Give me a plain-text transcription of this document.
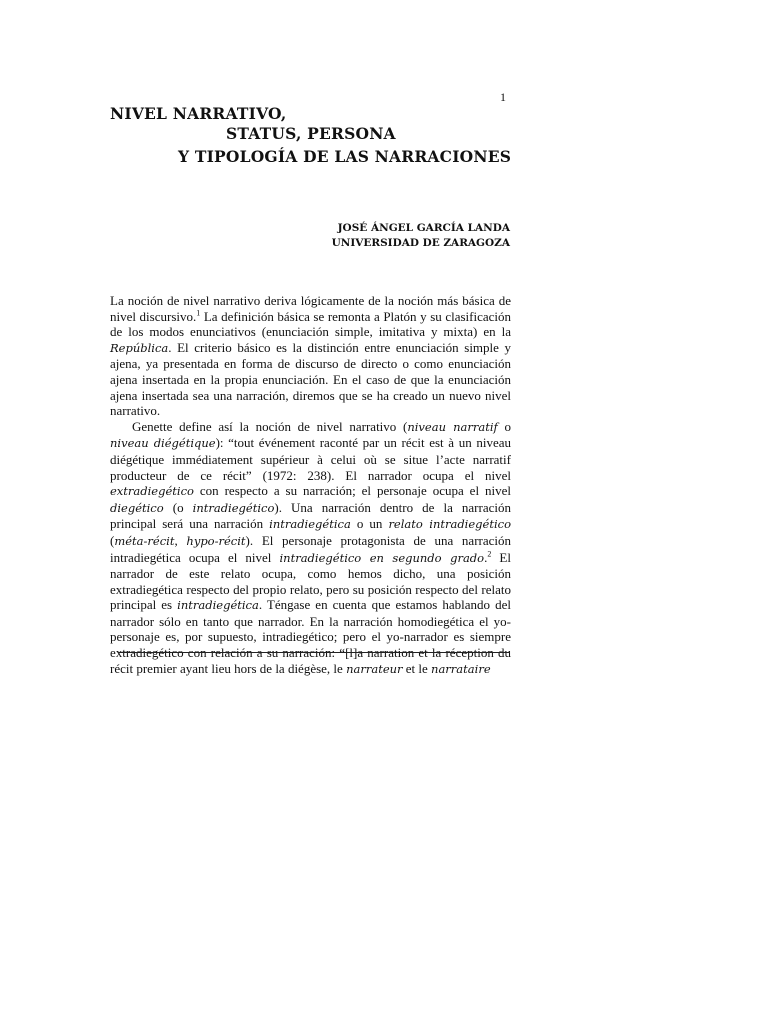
1
NIVEL NARRATIVO,
STATUS, PERSONA
Y TIPOLOGÍA DE LAS NARRACIONES
JOSÉ ÁNGEL GARCÍA LANDA
UNIVERSIDAD DE ZARAGOZA

La noción de nivel narrativo deriva lógicamente de la noción más básica de nivel discursivo.$^1$ La definición básica se remonta a Platón y su clasificación de los modos enunciativos (enunciación simple, imitativa y mixta) en la República. El criterio básico es la distinción entre enunciación simple y ajena, ya presentada en forma de discurso de directo o como enunciación ajena insertada en la propia enunciación. En el caso de que la enunciación ajena insertada sea una narración, diremos que se ha creado un nuevo nivel narrativo.

Genette define así la noción de nivel narrativo (niveau narratif o niveau diégétique): “tout événement raconté par un récit est à un niveau diégétique immédiatement supérieur à celui où se situe l’acte narratif producteur de ce récit” (1972: 238). El narrador ocupa el nivel extradiegético con respecto a su narración; el personaje ocupa el nivel diegético (o intradiegético). Una narración dentro de la narración principal será una narración intradiegética o un relato intradiegético (méta-récit, hypo-récit). El personaje protagonista de una narración intradiegética ocupa el nivel intradiegético en segundo grado.$^2$ El narrador de este relato ocupa, como hemos dicho, una posición extradiegética respecto del propio relato, pero su posición respecto del relato principal es intradiegética. Téngase en cuenta que estamos hablando del narrador sólo en tanto que narrador. En la narración homodiegética el yo-personaje es, por supuesto, intradiegético; pero el yo-narrador es siempre extradiegético con relación a su narración: “[l]a narration et la réception du récit premier ayant lieu hors de la diégèse, le narrateur et le narrataire
